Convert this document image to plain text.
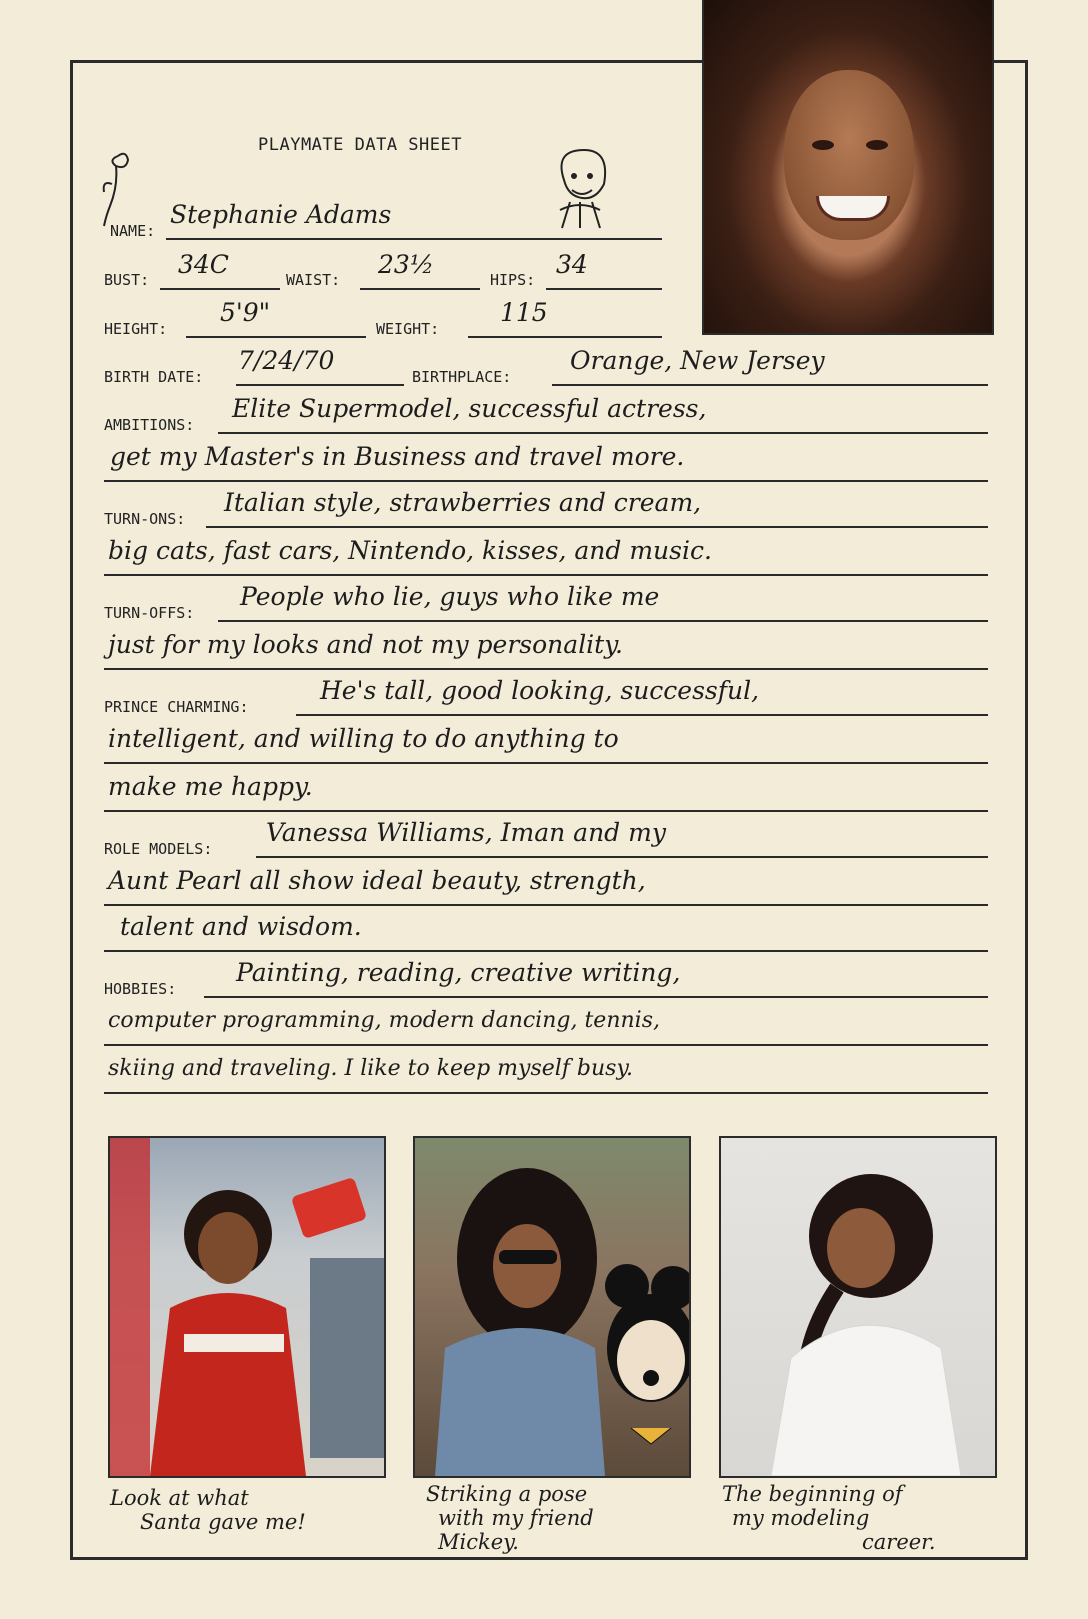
PLAYMATE DATA SHEET
NAME:
Stephanie Adams
BUST:
34C
WAIST:
23½
HIPS:
34
HEIGHT:
5'9"
WEIGHT:
115
BIRTH DATE:
7/24/70
BIRTHPLACE:
Orange, New Jersey
AMBITIONS:
Elite Supermodel, successful actress,
get my Master's in Business and travel more.
TURN-ONS:
Italian style, strawberries and cream,
big cats, fast cars, Nintendo, kisses, and music.
TURN-OFFS:
People who lie, guys who like me
just for my looks and not my personality.
PRINCE CHARMING:
He's tall, good looking, successful,
intelligent, and willing to do anything to
make me happy.
ROLE MODELS:
Vanessa Williams, Iman and my
Aunt Pearl all show ideal beauty, strength,
talent and wisdom.
HOBBIES:
Painting, reading, creative writing,
computer programming, modern dancing, tennis,
skiing and traveling. I like to keep myself busy.
Look at what
Santa gave me!
Striking a pose
with my friend
Mickey.
The beginning of
my modeling
career.
